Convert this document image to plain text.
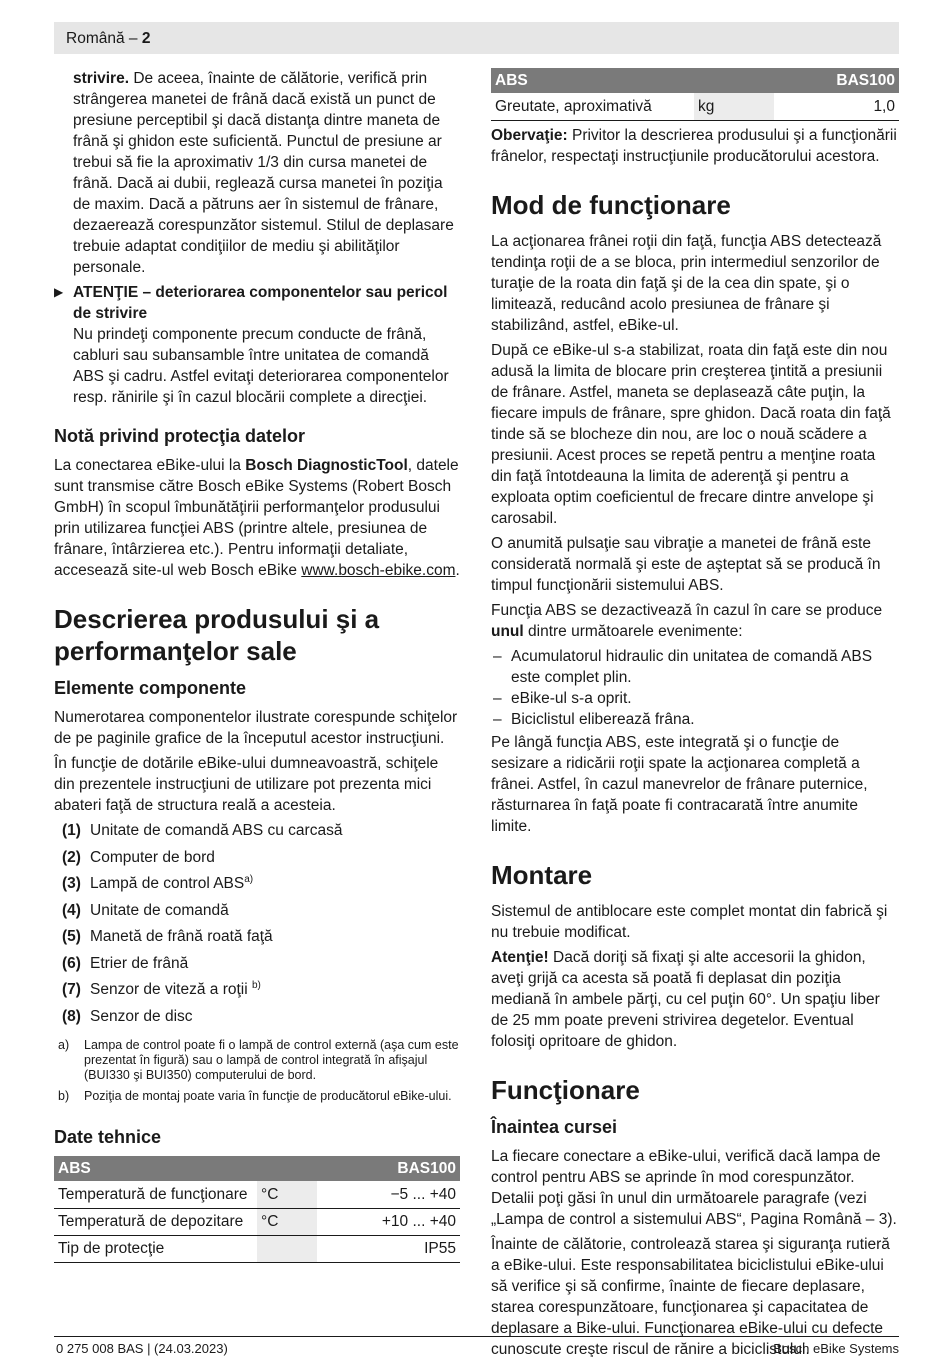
Română – 2

strivire. De aceea, înainte de călătorie, verifică prin strângerea manetei de frână dacă există un punct de presiune perceptibil şi dacă distanţa dintre maneta de frână şi ghidon este suficientă. Punctul de presiune ar trebui să fie la aproximativ 1/3 din cursa manetei de frână. Dacă ai dubii, reglează cursa manetei în poziţia de maxim. Dacă a pătruns aer în sistemul de frânare, dezaerează corespunzător sistemul. Stilul de deplasare trebuie adaptat condiţiilor de mediu şi abilităţilor personale.

▶ ATENŢIE – deteriorarea componentelor sau pericol de strivire

Nu prindeţi componente precum conducte de frână, cabluri sau subansamble între unitatea de comandă ABS şi cadru. Astfel evitaţi deteriorarea componentelor resp. rănirile şi în cazul blocării complete a direcţiei.

Notă privind protecţia datelor

La conectarea eBike-ului la Bosch DiagnosticTool, datele sunt transmise către Bosch eBike Systems (Robert Bosch GmbH) în scopul îmbunătăţirii performanţelor produsului prin utilizarea funcţiei ABS (printre altele, presiunea de frânare, întârzierea etc.). Pentru informaţii detaliate, accesează site-ul web Bosch eBike www.bosch-ebike.com.

Descrierea produsului şi a performanţelor sale
Elemente componente

Numerotarea componentelor ilustrate corespunde schiţelor de pe paginile grafice de la începutul acestor instrucţiuni.

În funcţie de dotările eBike-ului dumneavoastră, schiţele din prezentele instrucţiuni de utilizare pot prezenta mici abateri faţă de structura reală a acesteia.

(1) Unitate de comandă ABS cu carcasă
(2) Computer de bord
(3) Lampă de control ABS$^{a)}$
(4) Unitate de comandă
(5) Manetă de frână roată faţă
(6) Etrier de frână
(7) Senzor de viteză a roţii $^{b)}$
(8) Senzor de disc
a) Lampa de control poate fi o lampă de control externă (aşa cum este prezentat în figură) sau o lampă de control integrată în afişajul (BUI330 şi BUI350) computerului de bord.
b) Poziţia de montaj poate varia în funcţie de producătorul eBike-ului.
Date tehnice
ABS		BAS100
Temperatură de funcţionare	°C	−5 ... +40
Temperatură de depozitare	°C	+10 ... +40
Tip de protecţie		IP55
ABS		BAS100
Greutate, aproximativă	kg	1,0

Obervaţie: Privitor la descrierea produsului şi a funcţionării frânelor, respectaţi instrucţiunile producătorului acestora.

Mod de funcţionare

La acţionarea frânei roţii din faţă, funcţia ABS detectează tendinţa roţii de a se bloca, prin intermediul senzorilor de turaţie de la roata din faţă şi de la cea din spate, şi o limitează, reducând acolo presiunea de frânare şi stabilizând, astfel, eBike-ul.

După ce eBike-ul s-a stabilizat, roata din faţă este din nou adusă la limita de blocare prin creşterea ţintită a presiunii de frânare. Astfel, maneta se deplasează câte puţin, la fiecare impuls de frânare, spre ghidon. Dacă roata din faţă tinde să se blocheze din nou, are loc o nouă scădere a presiunii. Acest proces se repetă pentru a menţine roata din faţă întotdeauna la limita de aderenţă şi pentru a exploata optim coeficientul de frecare dintre anvelope şi carosabil.

O anumită pulsaţie sau vibraţie a manetei de frână este considerată normală şi este de aşteptat să se producă în timpul funcţionării sistemului ABS.

Funcţia ABS se dezactivează în cazul în care se produce unul dintre următoarele evenimente:

– Acumulatorul hidraulic din unitatea de comandă ABS este complet plin.
– eBike-ul s-a oprit.
– Biciclistul eliberează frâna.

Pe lângă funcţia ABS, este integrată şi o funcţie de sesizare a ridicării roţii spate la acţionarea completă a frânei. Astfel, în cazul manevrelor de frânare puternice, răsturnarea în faţă poate fi contracarată între anumite limite.

Montare

Sistemul de antiblocare este complet montat din fabrică şi nu trebuie modificat.

Atenţie! Dacă doriţi să fixaţi şi alte accesorii la ghidon, aveţi grijă ca acesta să poată fi deplasat din poziţia mediană în ambele părţi, cu cel puţin 60°. Un spaţiu liber de 25 mm poate preveni strivirea degetelor. Eventual folosiţi opritoare de ghidon.

Funcţionare
Înaintea cursei

La fiecare conectare a eBike-ului, verifică dacă lampa de control pentru ABS se aprinde în mod corespunzător. Detalii poţi găsi în unul din următoarele paragrafe (vezi „Lampa de control a sistemului ABS“, Pagina Română – 3).

Înainte de călătorie, controlează starea şi siguranţa rutieră a eBike-ului. Este responsabilitatea biciclistului eBike-ului să verifice şi să confirme, înainte de fiecare deplasare, starea corespunzătoare, funcţionarea şi capacitatea de deplasare a Bike-ului. Funcţionarea eBike-ului cu defecte cunoscute creşte riscul de rănire a biciclistului.

0 275 008 BAS | (24.03.2023)	Bosch eBike Systems
